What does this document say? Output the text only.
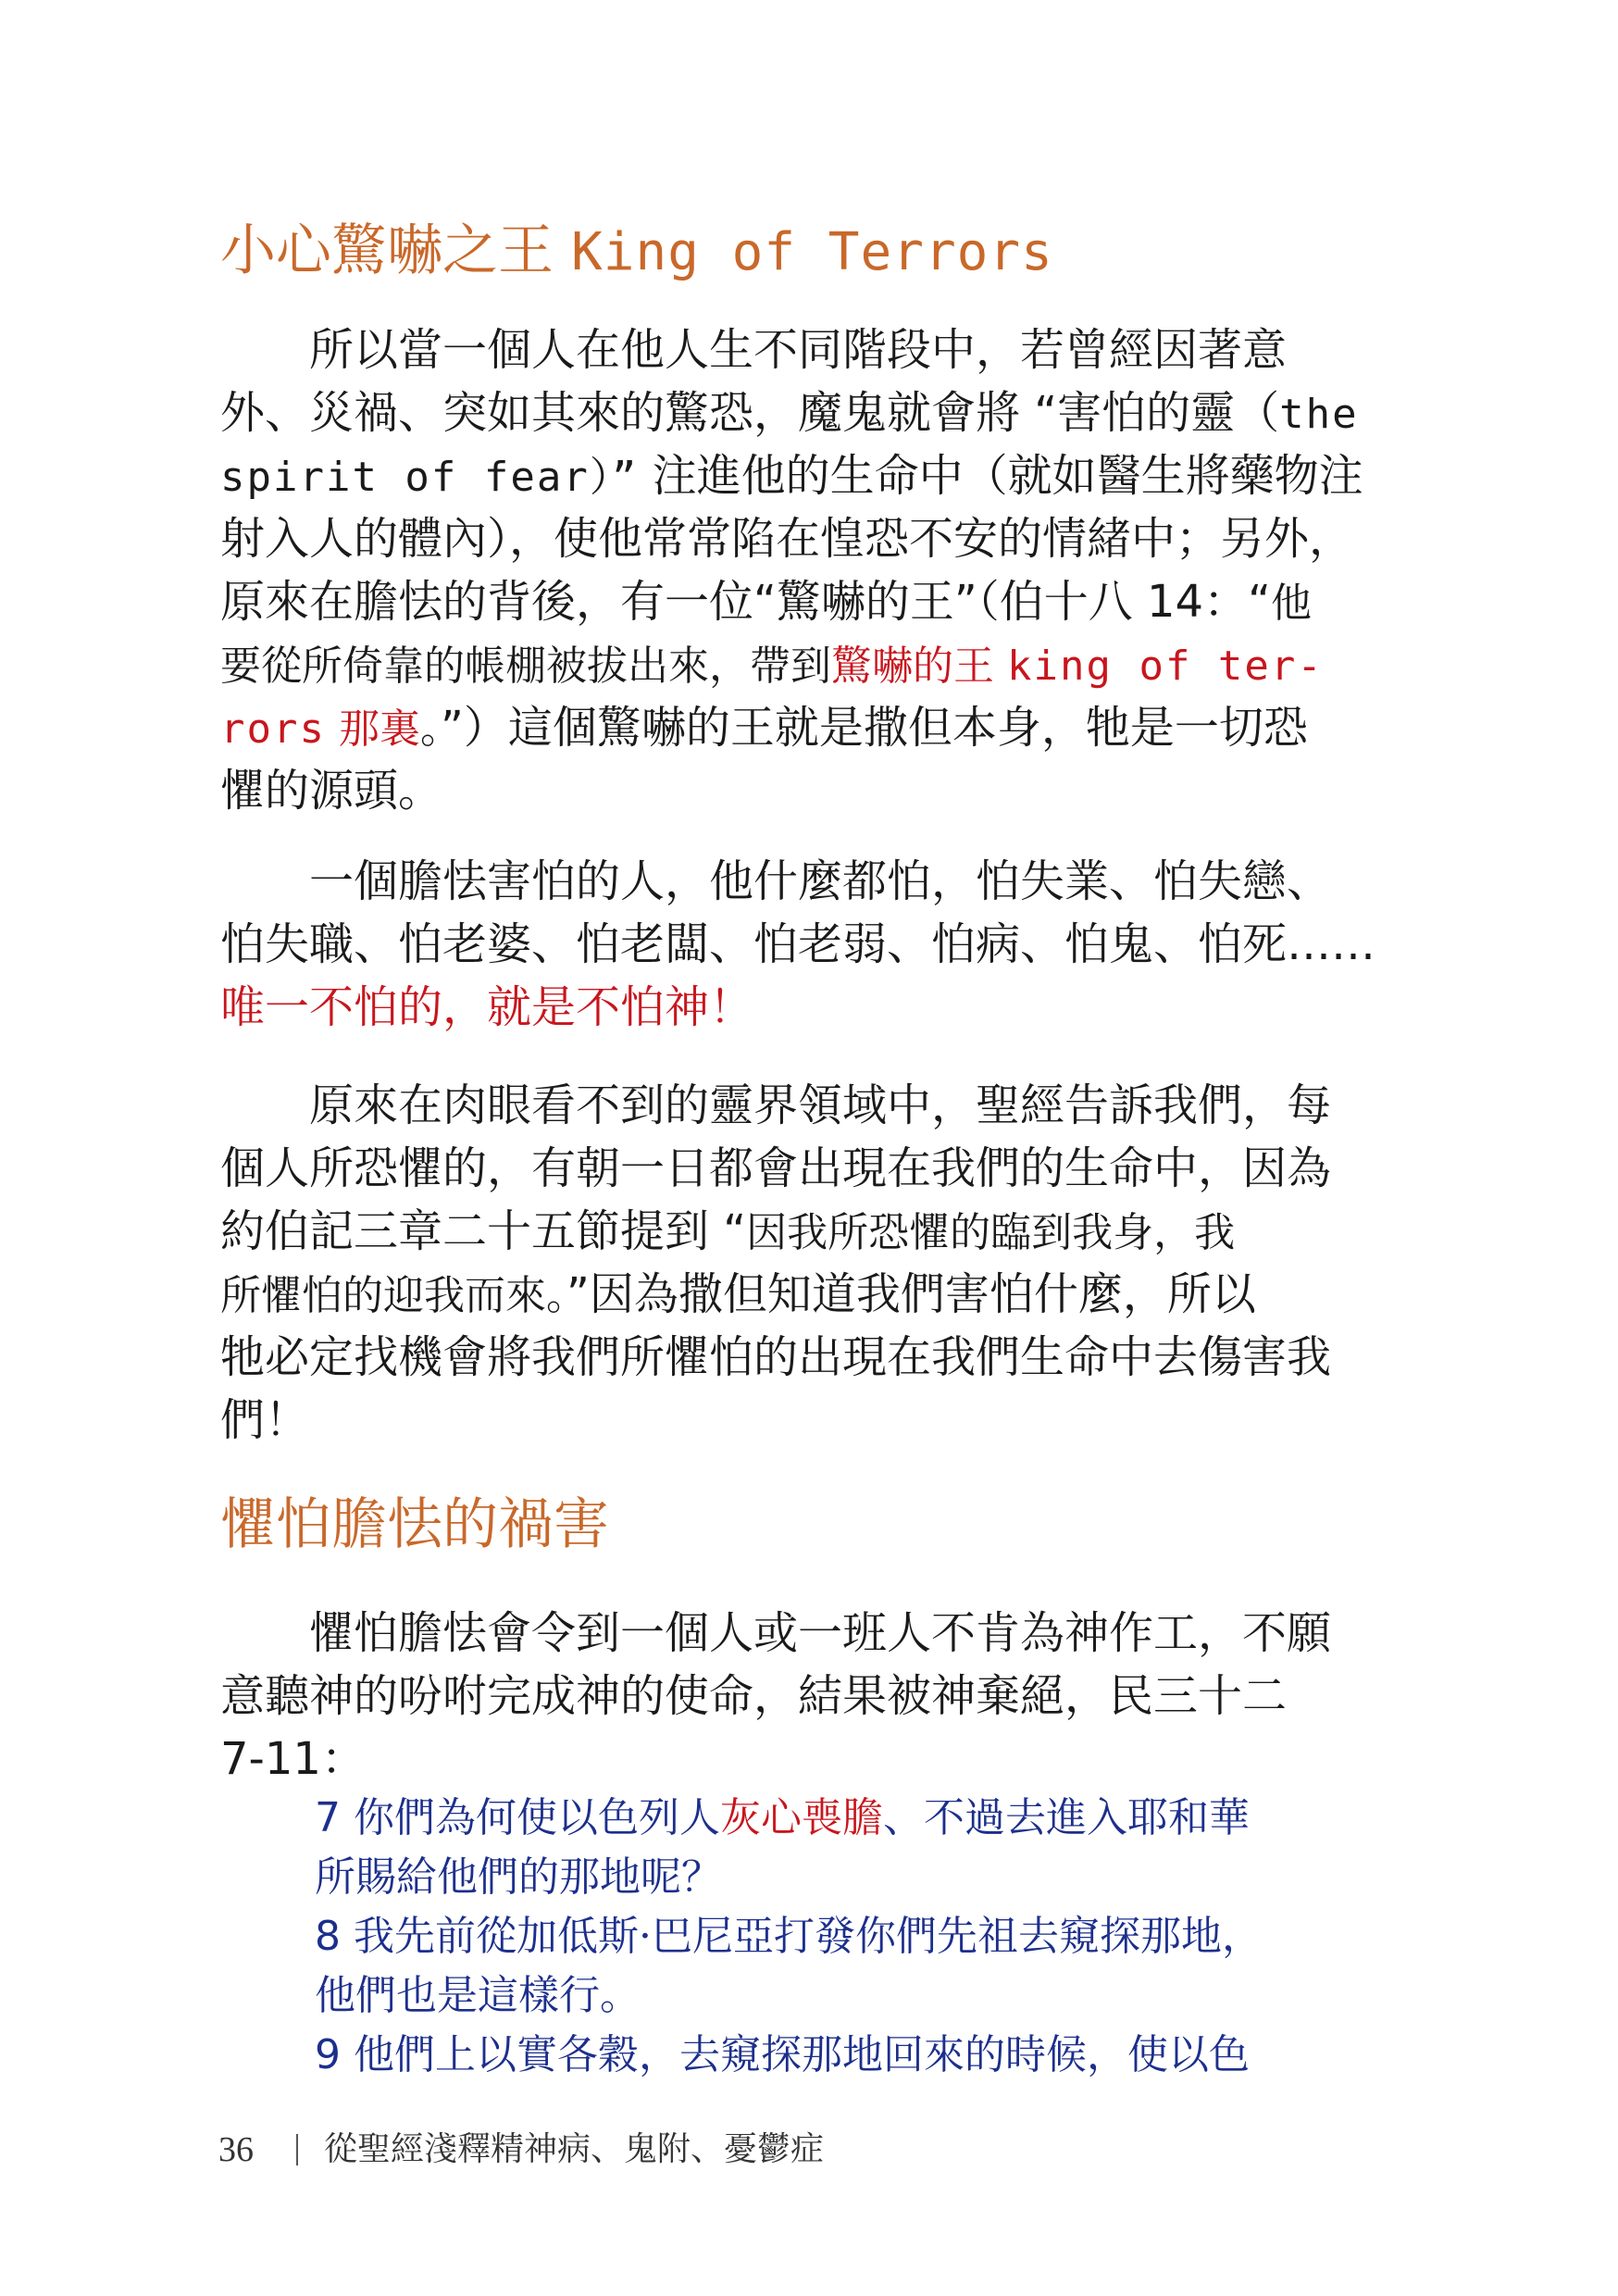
小心驚嚇之王 King of Terrors
所以當一個人在他人生不同階段中，若曾經因著意
外、災禍、突如其來的驚恐，魔鬼就會將 “害怕的靈（the
spirit of fear）” 注進他的生命中（就如醫生將藥物注
射入人的體內），使他常常陷在惶恐不安的情緒中；另外，
原來在膽怯的背後，有一位“驚嚇的王”（伯十八 14：“他
要從所倚靠的帳棚被拔出來，帶到驚嚇的王 king of ter-
rors 那裏。”）這個驚嚇的王就是撒但本身，牠是一切恐
懼的源頭。
一個膽怯害怕的人，他什麼都怕，怕失業、怕失戀、
怕失職、怕老婆、怕老闆、怕老弱、怕病、怕鬼、怕死……
唯一不怕的，就是不怕神！
原來在肉眼看不到的靈界領域中，聖經告訴我們，每
個人所恐懼的，有朝一日都會出現在我們的生命中，因為
約伯記三章二十五節提到 “因我所恐懼的臨到我身，我
所懼怕的迎我而來。”因為撒但知道我們害怕什麼，所以
牠必定找機會將我們所懼怕的出現在我們生命中去傷害我
們！
懼怕膽怯的禍害
懼怕膽怯會令到一個人或一班人不肯為神作工，不願
意聽神的吩咐完成神的使命，結果被神棄絕，民三十二
7-11：
7 你們為何使以色列人灰心喪膽、不過去進入耶和華
所賜給他們的那地呢？
8 我先前從加低斯·巴尼亞打發你們先祖去窺探那地，
他們也是這樣行。
9 他們上以實各穀，去窺探那地回來的時候，使以色
36 從聖經淺釋精神病、鬼附、憂鬱症
